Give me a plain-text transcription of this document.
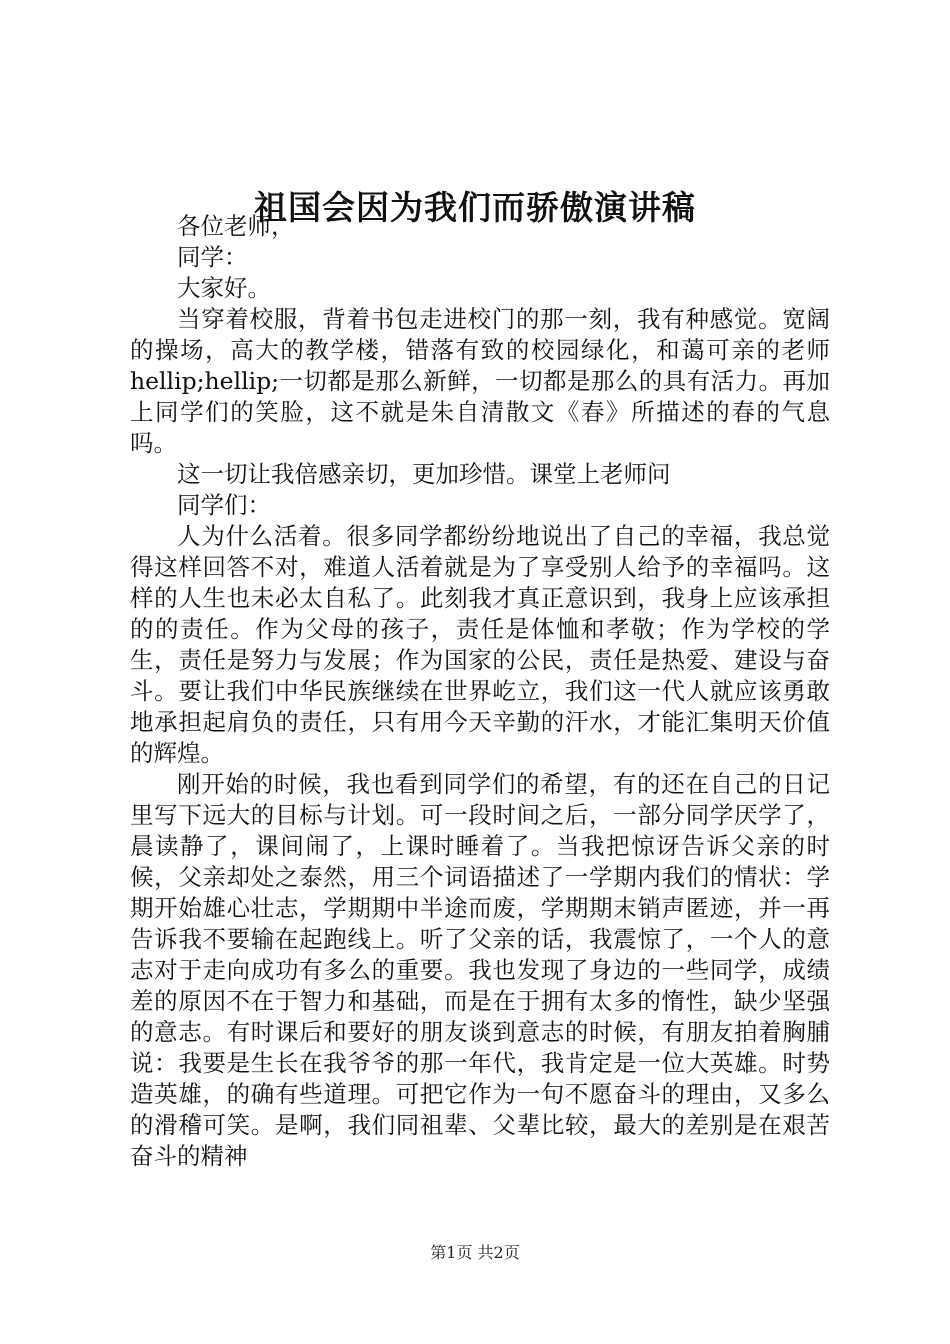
祖国会因为我们而骄傲演讲稿

各位老师，

同学：

大家好。

当穿着校服，背着书包走进校门的那一刻，我有种感觉。宽阔的操场，高大的教学楼，错落有致的校园绿化，和蔼可亲的老师hellip;hellip;一切都是那么新鲜，一切都是那么的具有活力。再加上同学们的笑脸，这不就是朱自清散文《春》所描述的春的气息吗。

这一切让我倍感亲切，更加珍惜。课堂上老师问

同学们：

人为什么活着。很多同学都纷纷地说出了自己的幸福，我总觉得这样回答不对，难道人活着就是为了享受别人给予的幸福吗。这样的人生也未必太自私了。此刻我才真正意识到，我身上应该承担的的责任。作为父母的孩子，责任是体恤和孝敬；作为学校的学生，责任是努力与发展；作为国家的公民，责任是热爱、建设与奋斗。要让我们中华民族继续在世界屹立，我们这一代人就应该勇敢地承担起肩负的责任，只有用今天辛勤的汗水，才能汇集明天价值的辉煌。

刚开始的时候，我也看到同学们的希望，有的还在自己的日记里写下远大的目标与计划。可一段时间之后，一部分同学厌学了，晨读静了，课间闹了，上课时睡着了。当我把惊讶告诉父亲的时候，父亲却处之泰然，用三个词语描述了一学期内我们的情状：学期开始雄心壮志，学期期中半途而废，学期期末销声匿迹，并一再告诉我不要输在起跑线上。听了父亲的话，我震惊了，一个人的意志对于走向成功有多么的重要。我也发现了身边的一些同学，成绩差的原因不在于智力和基础，而是在于拥有太多的惰性，缺少坚强的意志。有时课后和要好的朋友谈到意志的时候，有朋友拍着胸脯说：我要是生长在我爷爷的那一年代，我肯定是一位大英雄。时势造英雄，的确有些道理。可把它作为一句不愿奋斗的理由，又多么的滑稽可笑。是啊，我们同祖辈、父辈比较，最大的差别是在艰苦奋斗的精神

第1页 共2页
